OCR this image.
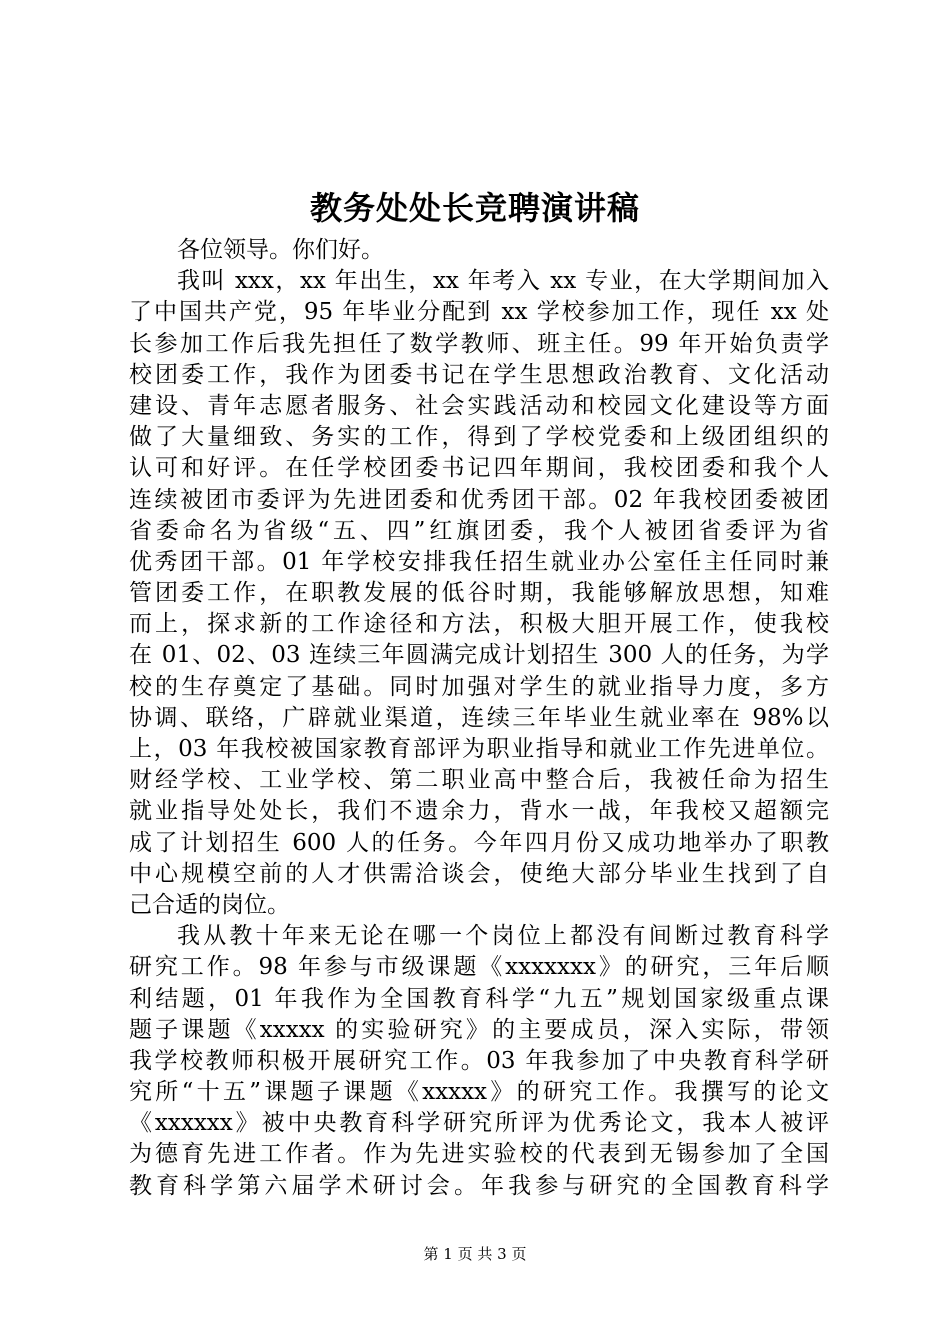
教务处处长竞聘演讲稿
各位领导。你们好。
我叫 xxx，xx 年出生，xx 年考入 xx 专业，在大学期间加入
了中国共产党，95 年毕业分配到 xx 学校参加工作，现任 xx 处
长参加工作后我先担任了数学教师、班主任。99 年开始负责学
校团委工作，我作为团委书记在学生思想政治教育、文化活动
建设、青年志愿者服务、社会实践活动和校园文化建设等方面
做了大量细致、务实的工作，得到了学校党委和上级团组织的
认可和好评。在任学校团委书记四年期间，我校团委和我个人
连续被团市委评为先进团委和优秀团干部。02 年我校团委被团
省委命名为省级“五、四”红旗团委，我个人被团省委评为省
优秀团干部。01 年学校安排我任招生就业办公室任主任同时兼
管团委工作，在职教发展的低谷时期，我能够解放思想，知难
而上，探求新的工作途径和方法，积极大胆开展工作，使我校
在 01、02、03 连续三年圆满完成计划招生 300 人的任务，为学
校的生存奠定了基础。同时加强对学生的就业指导力度，多方
协调、联络，广辟就业渠道，连续三年毕业生就业率在 98%以
上，03 年我校被国家教育部评为职业指导和就业工作先进单位。
财经学校、工业学校、第二职业高中整合后，我被任命为招生
就业指导处处长，我们不遗余力，背水一战，年我校又超额完
成了计划招生 600 人的任务。今年四月份又成功地举办了职教
中心规模空前的人才供需洽谈会，使绝大部分毕业生找到了自
己合适的岗位。
我从教十年来无论在哪一个岗位上都没有间断过教育科学
研究工作。98 年参与市级课题《xxxxxxx》的研究，三年后顺
利结题，01 年我作为全国教育科学“九五”规划国家级重点课
题子课题《xxxxx 的实验研究》的主要成员，深入实际，带领
我学校教师积极开展研究工作。03 年我参加了中央教育科学研
究所“十五”课题子课题《xxxxx》的研究工作。我撰写的论文
《xxxxxx》被中央教育科学研究所评为优秀论文，我本人被评
为德育先进工作者。作为先进实验校的代表到无锡参加了全国
教育科学第六届学术研讨会。年我参与研究的全国教育科学
第 1 页 共 3 页
